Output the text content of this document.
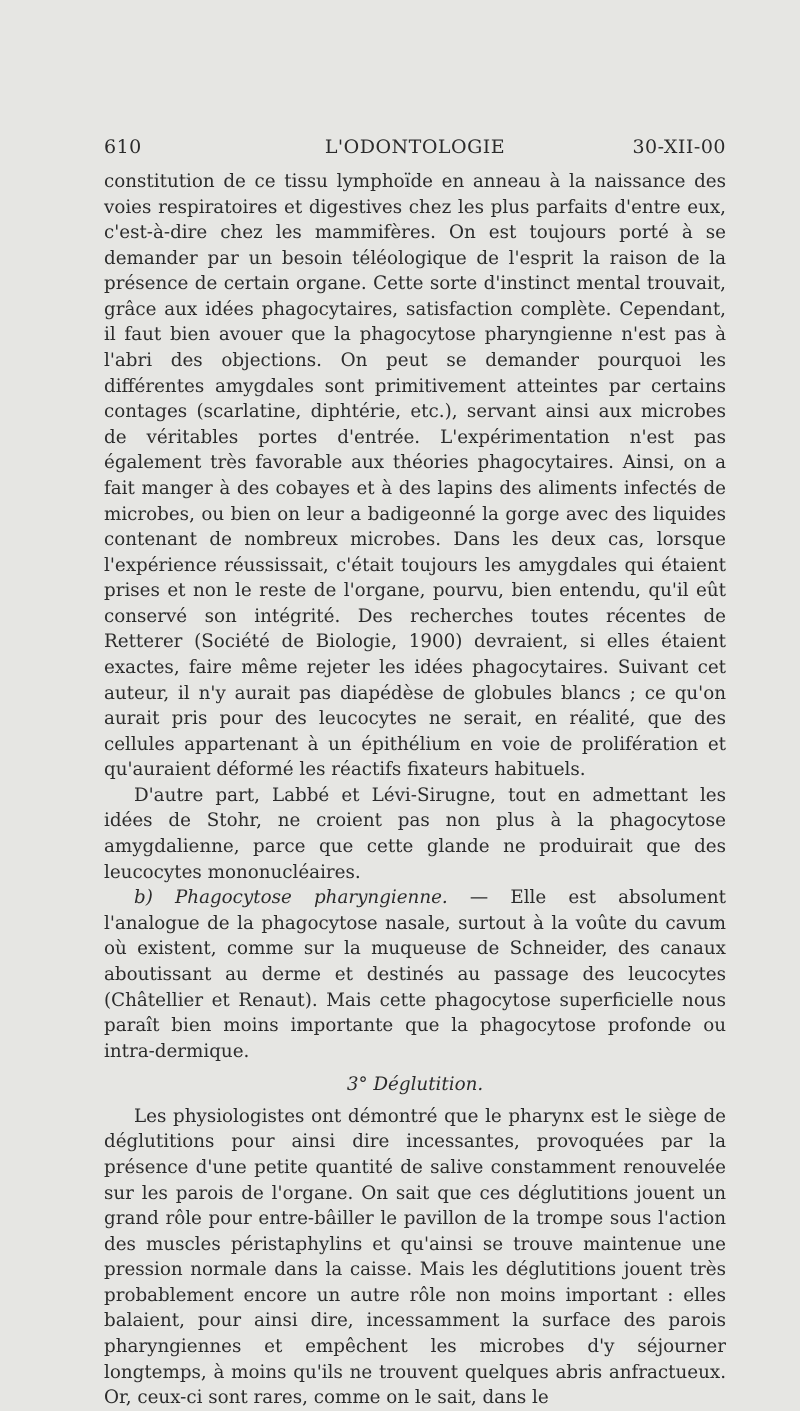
610	L'ODONTOLOGIE	30-XII-00

constitution de ce tissu lymphoïde en anneau à la naissance des voies respiratoires et digestives chez les plus parfaits d'entre eux, c'est-à-dire chez les mammifères. On est toujours porté à se demander par un besoin téléologique de l'esprit la raison de la présence de certain organe. Cette sorte d'instinct mental trouvait, grâce aux idées phagocytaires, satisfaction complète. Cependant, il faut bien avouer que la phagocytose pharyngienne n'est pas à l'abri des objections. On peut se demander pourquoi les différentes amygdales sont primitivement atteintes par certains contages (scarlatine, diphtérie, etc.), servant ainsi aux microbes de véritables portes d'entrée. L'expérimentation n'est pas également très favorable aux théories phagocytaires. Ainsi, on a fait manger à des cobayes et à des lapins des aliments infectés de microbes, ou bien on leur a badigeonné la gorge avec des liquides contenant de nombreux microbes. Dans les deux cas, lorsque l'expérience réussissait, c'était toujours les amygdales qui étaient prises et non le reste de l'organe, pourvu, bien entendu, qu'il eût conservé son intégrité. Des recherches toutes récentes de Retterer (Société de Biologie, 1900) devraient, si elles étaient exactes, faire même rejeter les idées phagocytaires. Suivant cet auteur, il n'y aurait pas diapédèse de globules blancs ; ce qu'on aurait pris pour des leucocytes ne serait, en réalité, que des cellules appartenant à un épithélium en voie de prolifération et qu'auraient déformé les réactifs fixateurs habituels.

D'autre part, Labbé et Lévi-Sirugne, tout en admettant les idées de Stohr, ne croient pas non plus à la phagocytose amygdalienne, parce que cette glande ne produirait que des leucocytes mononucléaires.

b) Phagocytose pharyngienne. — Elle est absolument l'analogue de la phagocytose nasale, surtout à la voûte du cavum où existent, comme sur la muqueuse de Schneider, des canaux aboutissant au derme et destinés au passage des leucocytes (Châtellier et Renaut). Mais cette phagocytose superficielle nous paraît bien moins importante que la phagocytose profonde ou intra-dermique.

3° Déglutition.

Les physiologistes ont démontré que le pharynx est le siège de déglutitions pour ainsi dire incessantes, provoquées par la présence d'une petite quantité de salive constamment renouvelée sur les parois de l'organe. On sait que ces déglutitions jouent un grand rôle pour entre-bâiller le pavillon de la trompe sous l'action des muscles péristaphylins et qu'ainsi se trouve maintenue une pression normale dans la caisse. Mais les déglutitions jouent très probablement encore un autre rôle non moins important : elles balaient, pour ainsi dire, incessamment la surface des parois pharyngiennes et empêchent les microbes d'y séjourner longtemps, à moins qu'ils ne trouvent quelques abris anfractueux. Or, ceux-ci sont rares, comme on le sait, dans le
